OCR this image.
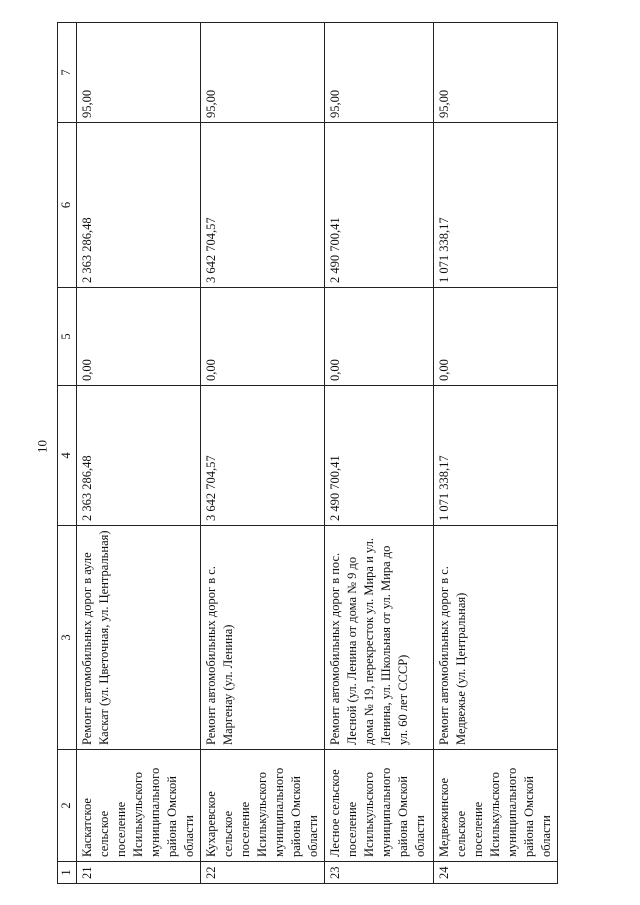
10
1	2	3	4	5	6	7
21	Каскатское сельское поселение Исилькульского муниципального района Омской области	Ремонт автомобильных дорог в ауле Каскат (ул. Цветочная, ул. Центральная)	2 363 286,48	0,00	2 363 286,48	95,00
22	Кухаревское сельское поселение Исилькульского муниципального района Омской области	Ремонт автомобильных дорог в с. Маргенау (ул. Ленина)	3 642 704,57	0,00	3 642 704,57	95,00
23	Лесное сельское поселение Исилькульского муниципального района Омской области	Ремонт автомобильных дорог в пос. Лесной (ул. Ленина от дома № 9 до дома № 19, перекресток ул. Мира и ул. Ленина, ул. Школьная от ул. Мира до ул. 60 лет СССР)	2 490 700,41	0,00	2 490 700,41	95,00
24	Медвежинское сельское поселение Исилькульского муниципального района Омской области	Ремонт автомобильных дорог в с. Медвежье (ул. Центральная)	1 071 338,17	0,00	1 071 338,17	95,00
